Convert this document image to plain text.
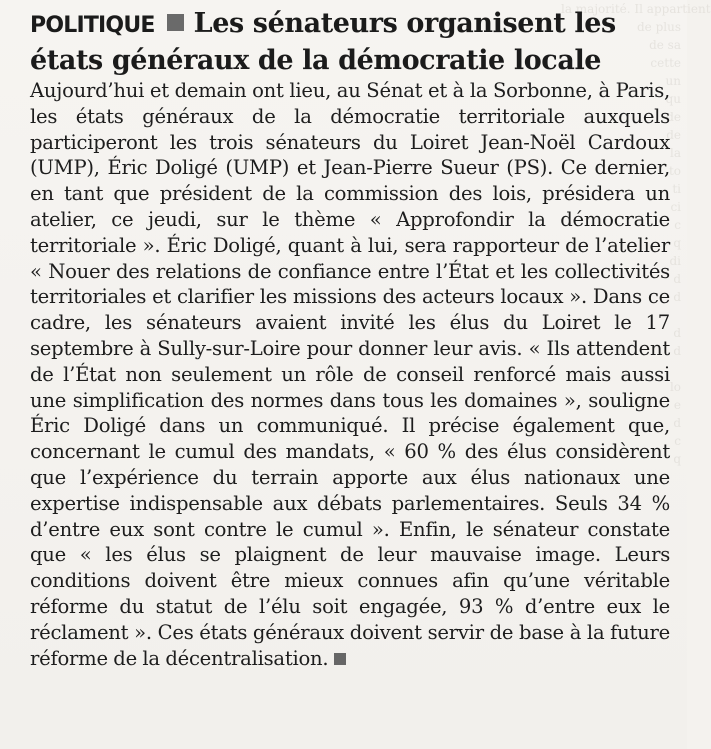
la majorité. Il appartient
de plus
de sa
cette
un
qu
de
de
la
to
ti
ci
c
q
di
d
d

d
d

lo
e
d
c
q

POLITIQUE Les sénateurs organisent les états généraux de la démocratie locale
Aujourd’hui et demain ont lieu, au Sénat et à la Sorbonne, à Paris, les états généraux de la démocratie territoriale auxquels participeront les trois sénateurs du Loiret Jean-Noël Cardoux (UMP), Éric Doligé (UMP) et Jean-Pierre Sueur (PS). Ce dernier, en tant que président de la commission des lois, présidera un atelier, ce jeudi, sur le thème « Approfondir la démocratie territoriale ». Éric Doligé, quant à lui, sera rapporteur de l’atelier « Nouer des relations de confiance entre l’État et les collectivités territoriales et clarifier les missions des acteurs locaux ». Dans ce cadre, les sénateurs avaient invité les élus du Loiret le 17 septembre à Sully-sur-Loire pour donner leur avis. « Ils attendent de l’État non seulement un rôle de conseil renforcé mais aussi une simplification des normes dans tous les domaines », souligne Éric Doligé dans un communiqué. Il précise également que, concernant le cumul des mandats, « 60 % des élus considèrent que l’expérience du terrain apporte aux élus nationaux une expertise indispensable aux débats parlementaires. Seuls 34 % d’entre eux sont contre le cumul ». Enfin, le sénateur constate que « les élus se plaignent de leur mauvaise image. Leurs conditions doivent être mieux connues afin qu’une véritable réforme du statut de l’élu soit engagée, 93 % d’entre eux le réclament ». Ces états généraux doivent servir de base à la future réforme de la décentralisation.
